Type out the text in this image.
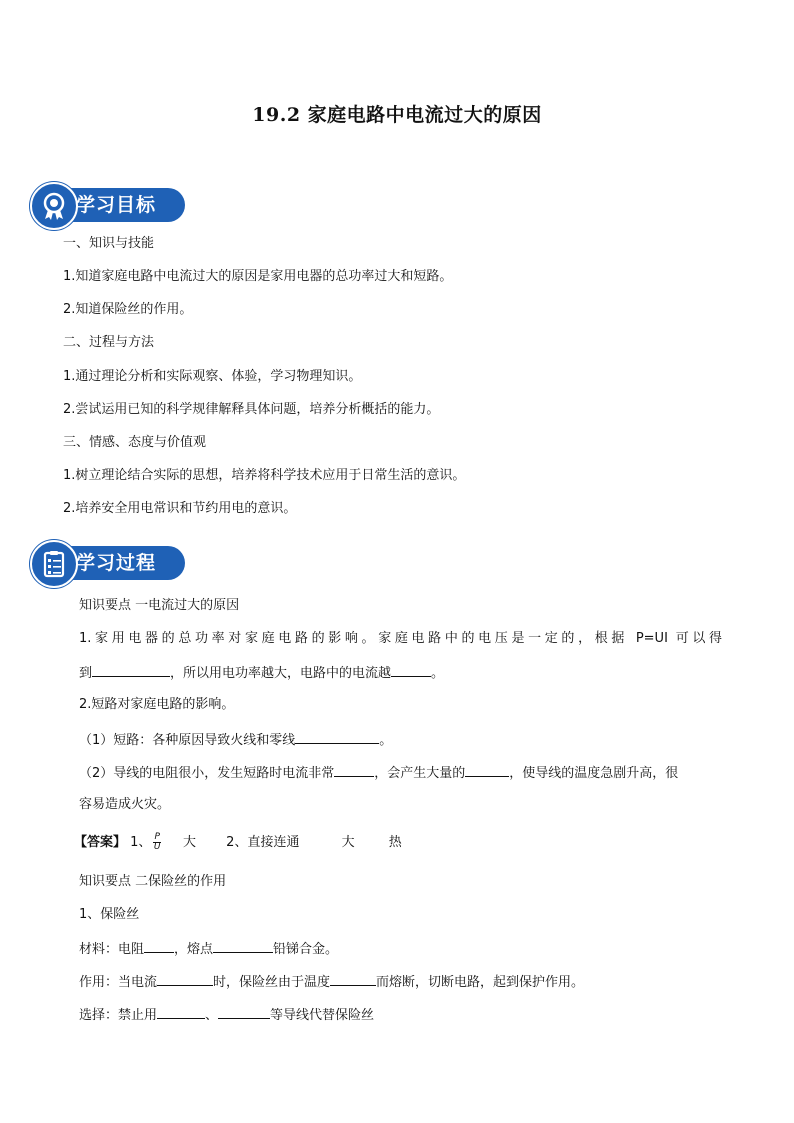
19.2 家庭电路中电流过大的原因
学习目标
一、知识与技能
1.知道家庭电路中电流过大的原因是家用电器的总功率过大和短路。
2.知道保险丝的作用。
二、过程与方法
1.通过理论分析和实际观察、体验，学习物理知识。
2.尝试运用已知的科学规律解释具体问题，培养分析概括的能力。
三、情感、态度与价值观
1.树立理论结合实际的思想，培养将科学技术应用于日常生活的意识。
2.培养安全用电常识和节约用电的意识。
学习过程
知识要点 一电流过大的原因
1.家用电器的总功率对家庭电路的影响。家庭电路中的电压是一定的，根据 P=UI 可以得
到	，所以用电功率越大，电路中的电流越	。
2.短路对家庭电路的影响。
（1）短路：各种原因导致火线和零线	。
（2）导线的电阻很小，发生短路时电流非常	，会产生大量的	，使导线的温度急剧升高，很
容易造成火灾。
【答案】 1、 $\frac{P}{U}$ 大 2、直接连通	大	热
知识要点 二保险丝的作用
1、保险丝
材料：电阻 ，熔点	铅锑合金。
作用：当电流	时，保险丝由于温度	而熔断，切断电路，起到保护作用。
选择：禁止用	、	等导线代替保险丝
